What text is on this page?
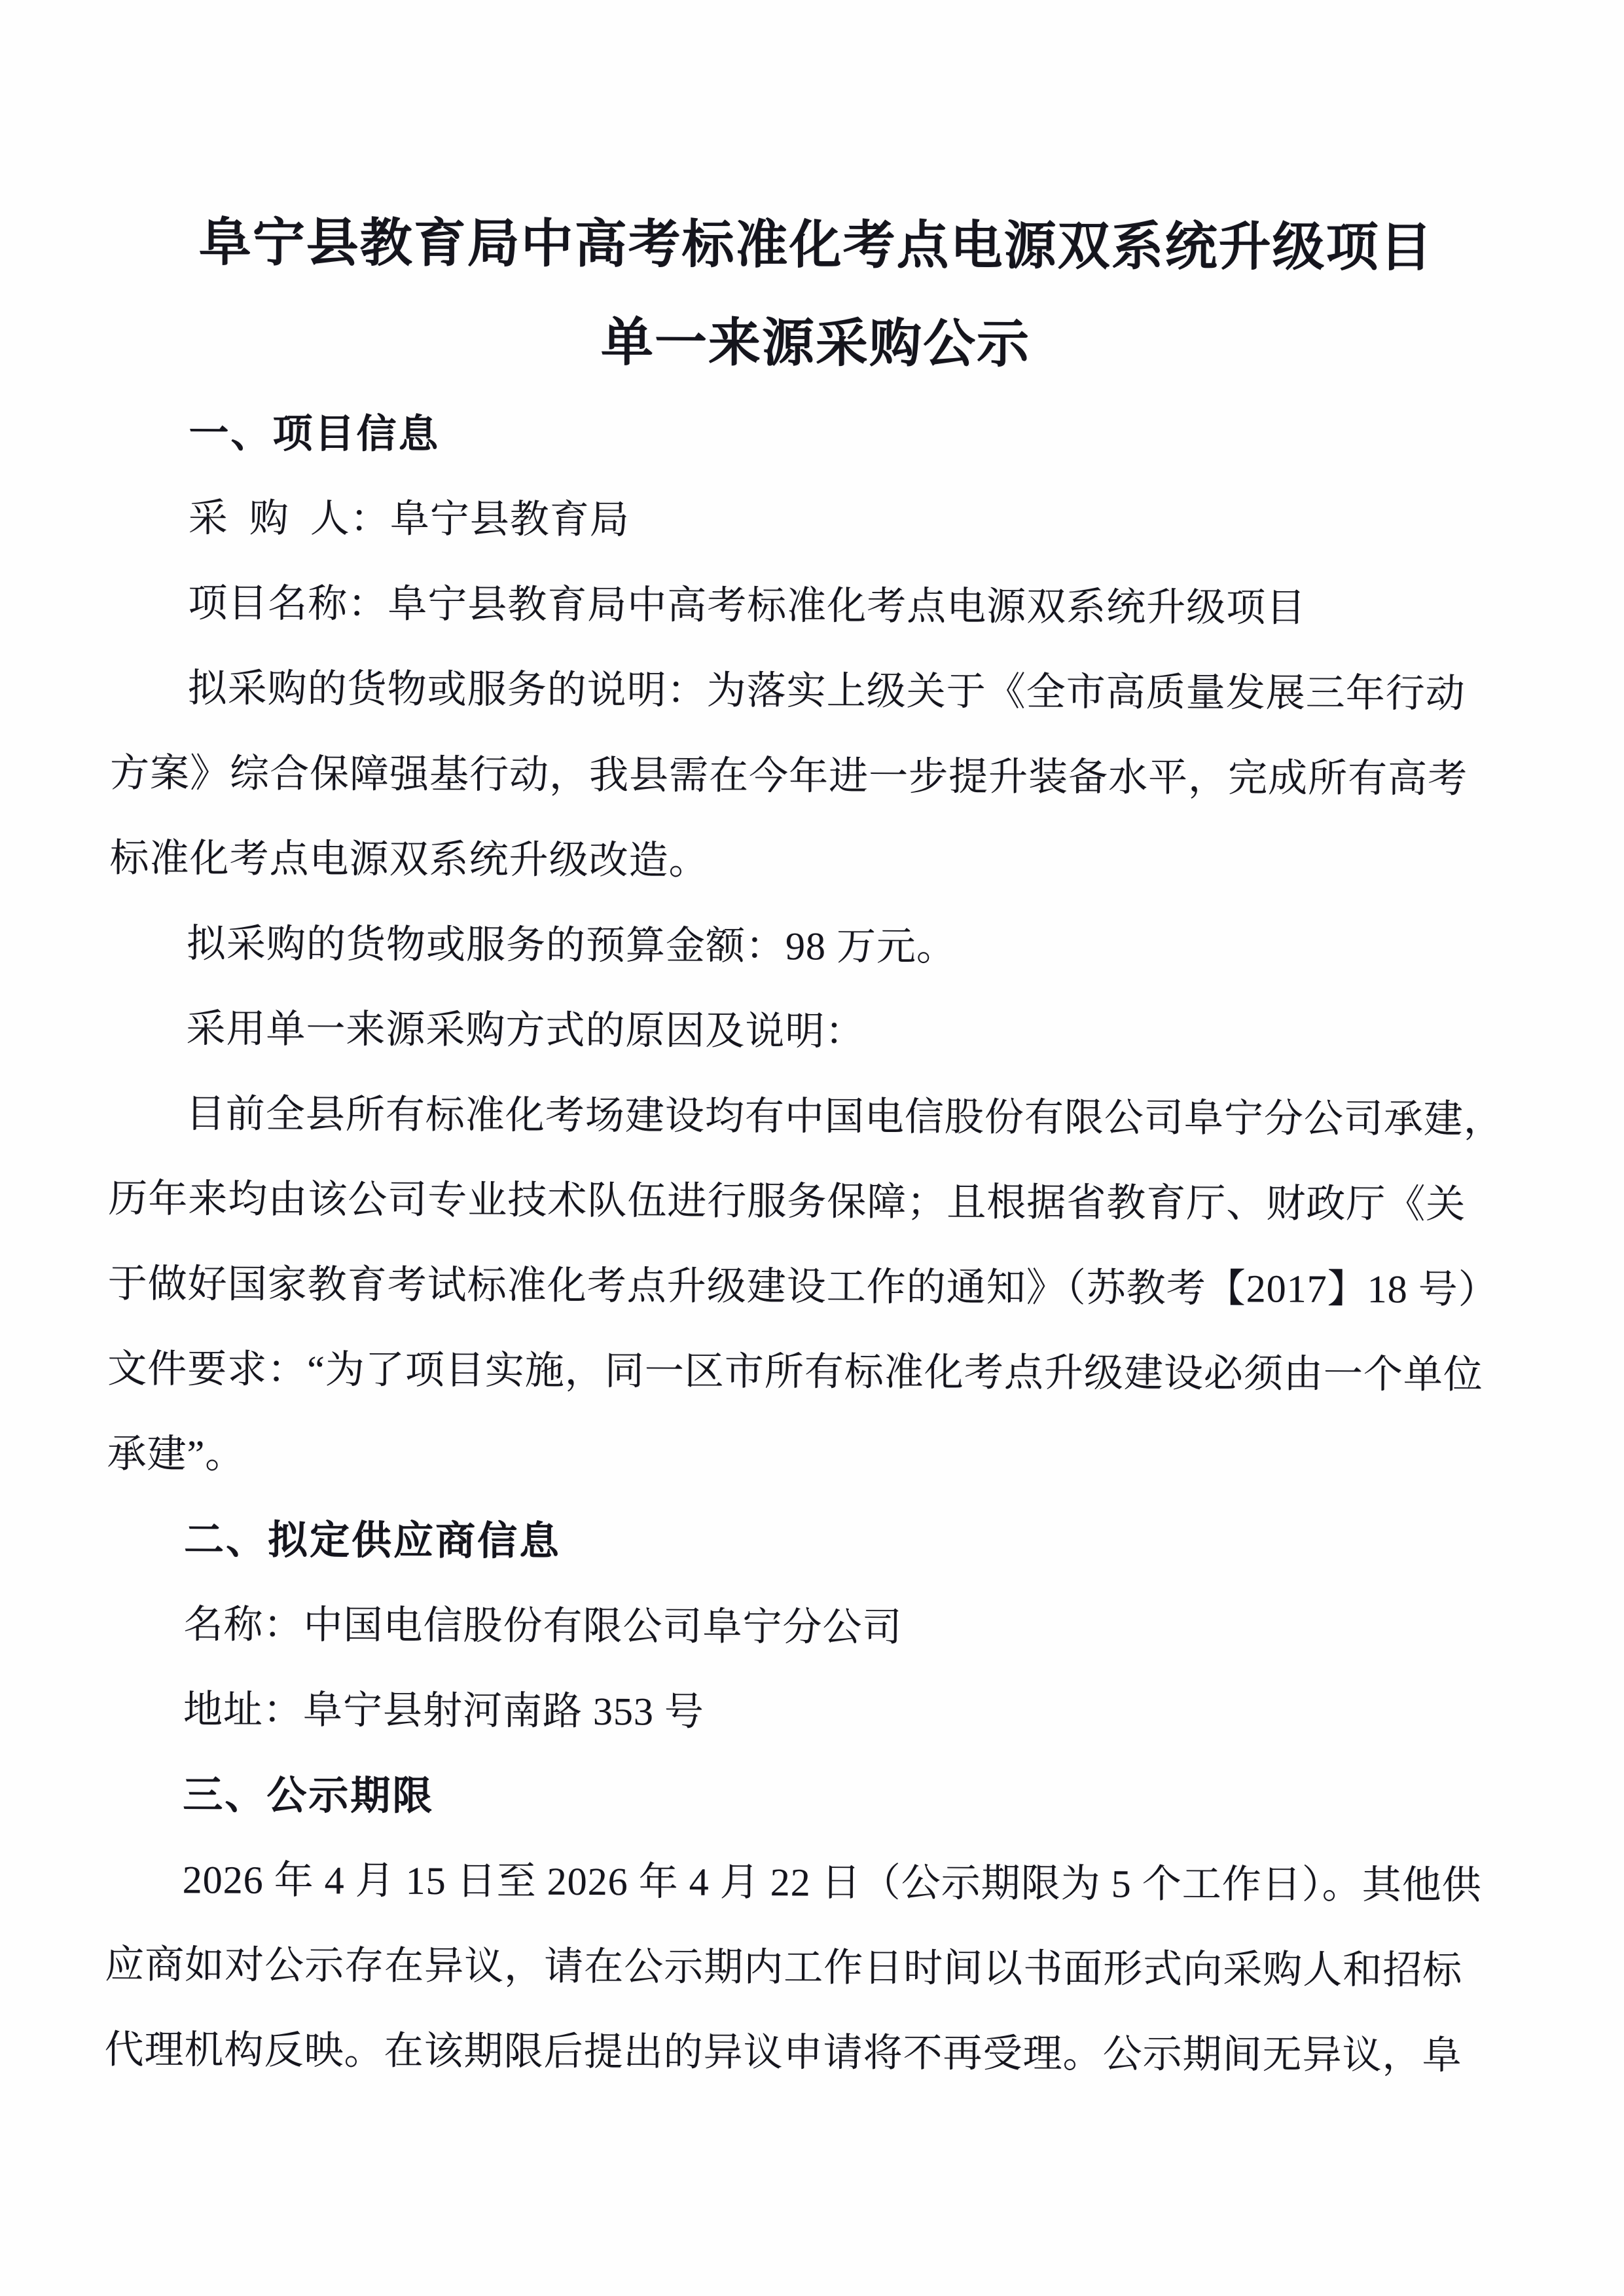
阜宁县教育局中高考标准化考点电源双系统升级项目
单一来源采购公示
一、项目信息
采  购  人：阜宁县教育局
项目名称：阜宁县教育局中高考标准化考点电源双系统升级项目
拟采购的货物或服务的说明：为落实上级关于《全市高质量发展三年行动
方案》综合保障强基行动，我县需在今年进一步提升装备水平，完成所有高考
标准化考点电源双系统升级改造。
拟采购的货物或服务的预算金额：98 万元。
采用单一来源采购方式的原因及说明：
目前全县所有标准化考场建设均有中国电信股份有限公司阜宁分公司承建，
历年来均由该公司专业技术队伍进行服务保障；且根据省教育厅、财政厅《关
于做好国家教育考试标准化考点升级建设工作的通知》（苏教考【2017】18 号）
文件要求：“为了项目实施，同一区市所有标准化考点升级建设必须由一个单位
承建”。
二、拟定供应商信息
名称：中国电信股份有限公司阜宁分公司
地址：阜宁县射河南路 353 号
三、公示期限
2026 年 4 月 15 日至 2026 年 4 月 22 日（公示期限为 5 个工作日）。其他供
应商如对公示存在异议，请在公示期内工作日时间以书面形式向采购人和招标
代理机构反映。在该期限后提出的异议申请将不再受理。公示期间无异议，阜
